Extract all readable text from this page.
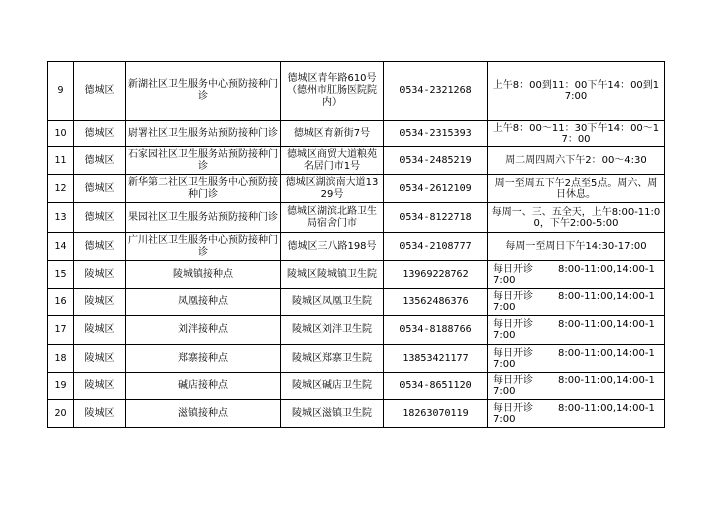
9	德城区	新湖社区卫生服务中心预防接种门诊	德城区青年路610号（德州市肛肠医院院内）	0534-2321268	上午8：00到11：00下午14：00到17:00
10	德城区	尉署社区卫生服务站预防接种门诊	德城区育新街7号	0534-2315393	上午8：00～11：30下午14：00～17：00
11	德城区	石家园社区卫生服务站预防接种门诊	德城区商贸大道粮苑名居门市1号	0534-2485219	周二周四周六下午2：00～4:30
12	德城区	新华第二社区卫生服务中心预防接种门诊	德城区湖滨南大道1329号	0534-2612109	周一至周五下午2点至5点。周六、周日休息。
13	德城区	果园社区卫生服务站预防接种门诊	德城区湖滨北路卫生局宿舍门市	0534-8122718	每周一、三、五全天，上午8:00-11:00，下午2:00-5:00
14	德城区	广川社区卫生服务中心预防接种门诊	德城区三八路198号	0534-2108777	每周一至周日下午14:30-17:00
15	陵城区	陵城镇接种点	陵城区陵城镇卫生院	13969228762	每日开诊 8:00-11:00,14:00-17:00
16	陵城区	凤凰接种点	陵城区凤凰卫生院	13562486376	每日开诊 8:00-11:00,14:00-17:00
17	陵城区	刘泮接种点	陵城区刘泮卫生院	0534-8188766	每日开诊 8:00-11:00,14:00-17:00
18	陵城区	郑寨接种点	陵城区郑寨卫生院	13853421177	每日开诊 8:00-11:00,14:00-17:00
19	陵城区	碱店接种点	陵城区碱店卫生院	0534-8651120	每日开诊 8:00-11:00,14:00-17:00
20	陵城区	滋镇接种点	陵城区滋镇卫生院	18263070119	每日开诊 8:00-11:00,14:00-17:00
